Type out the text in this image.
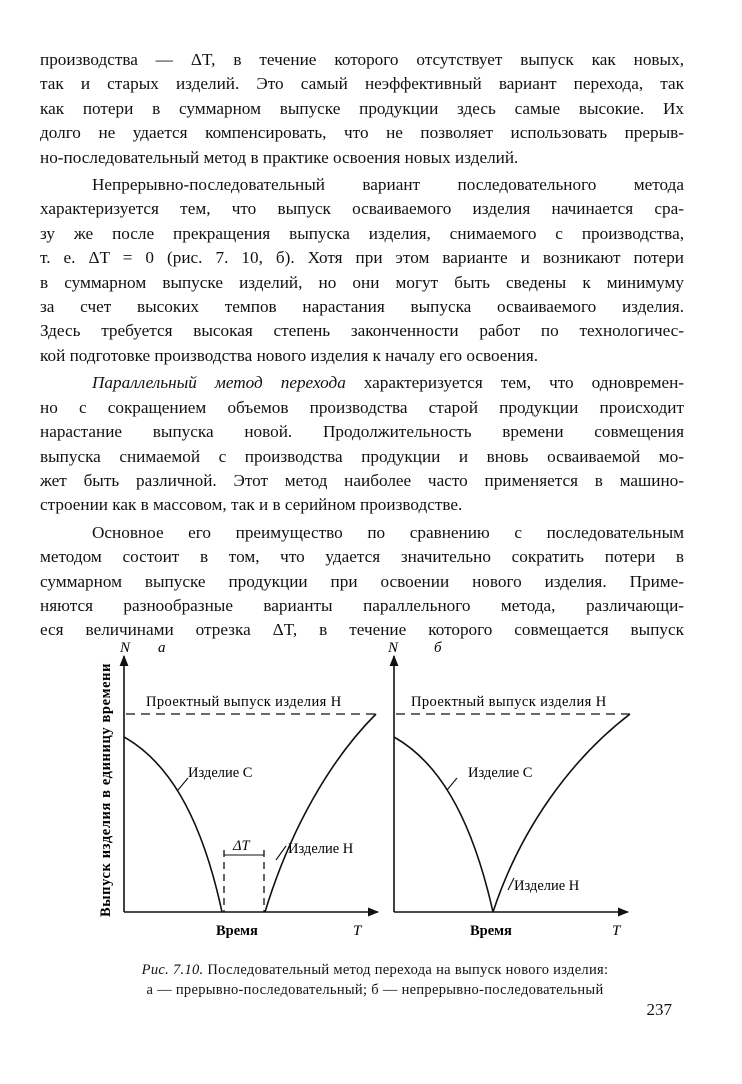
производства — ΔT, в течение которого отсутствует выпуск как новых,
так и старых изделий. Это самый неэффективный вариант перехода, так
как потери в суммарном выпуске продукции здесь самые высокие. Их
долго не удается компенсировать, что не позволяет использовать прерыв-
но-последовательный метод в практике освоения новых изделий.

Непрерывно-последовательный вариант последовательного метода
характеризуется тем, что выпуск осваиваемого изделия начинается сра-
зу же после прекращения выпуска изделия, снимаемого с производства,
т. е. ΔT = 0 (рис. 7. 10, б). Хотя при этом варианте и возникают потери
в суммарном выпуске изделий, но они могут быть сведены к минимуму
за счет высоких темпов нарастания выпуска осваиваемого изделия.
Здесь требуется высокая степень законченности работ по технологичес-
кой подготовке производства нового изделия к началу его освоения.

Параллельный метод перехода характеризуется тем, что одновремен-
но с сокращением объемов производства старой продукции происходит
нарастание выпуска новой. Продолжительность времени совмещения
выпуска снимаемой с производства продукции и вновь осваиваемой мо-
жет быть различной. Этот метод наиболее часто применяется в машино-
строении как в массовом, так и в серийном производстве.

Основное его преимущество по сравнению с последовательным
методом состоит в том, что удается значительно сократить потери в
суммарном выпуске продукции при освоении нового изделия. Приме-
няются разнообразные варианты параллельного метода, различающи-
еся величинами отрезка ΔT, в течение которого совмещается выпуск

Выпуск изделия в единицу времени
N а
Проектный выпуск изделия Н
Изделие С
ΔT	Изделие Н
Время	T
N б
Проектный выпуск изделия Н
Изделие С
Изделие Н
Время	T
Рис. 7.10. Последовательный метод перехода на выпуск нового изделия:
а — прерывно-последовательный; б — непрерывно-последовательный
237
